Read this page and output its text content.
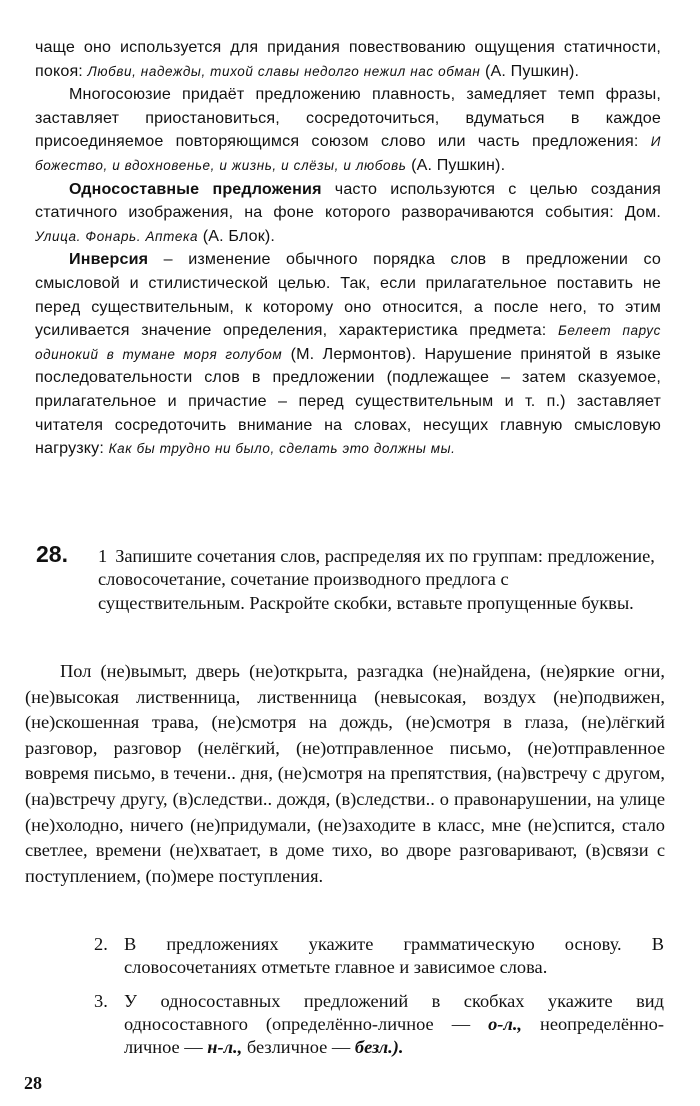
чаще оно используется для придания повествованию ощущения статичности, покоя: Любви, надежды, тихой славы недолго нежил нас обман (А. Пушкин).

Многосоюзие придаёт предложению плавность, замедляет темп фразы, заставляет приостановиться, сосредоточиться, вдуматься в каждое присоединяемое повторяющимся союзом слово или часть предложения: И божество, и вдохновенье, и жизнь, и слёзы, и любовь (А. Пушкин).

Односоставные предложения часто используются с целью создания статичного изображения, на фоне которого разворачиваются события: Дом. Улица. Фонарь. Аптека (А. Блок).

Инверсия – изменение обычного порядка слов в предложении со смысловой и стилистической целью. Так, если прилагательное поставить не перед существительным, к которому оно относится, а после него, то этим усиливается значение определения, характеристика предмета: Белеет парус одинокий в тумане моря голубом (М. Лермонтов). Нарушение принятой в языке последовательности слов в предложении (подлежащее – затем сказуемое, прилагательное и причастие – перед существительным и т. п.) заставляет читателя сосредоточить внимание на словах, несущих главную смысловую нагрузку: Как бы трудно ни было, сделать это должны мы.

28. 1 Запишите сочетания слов, распределяя их по группам: предложение, словосочетание, сочетание производного предлога с существительным. Раскройте скобки, вставьте пропущенные буквы.

Пол (не)вымыт, дверь (не)открыта, разгадка (не)найдена, (не)яркие огни, (не)высокая лиственница, лиственница (невысокая, воздух (не)подвижен, (не)скошенная трава, (не)смотря на дождь, (не)смотря в глаза, (не)лёгкий разговор, разговор (нелёгкий, (не)отправленное письмо, (не)отправленное вовремя письмо, в течени.. дня, (не)смотря на препятствия, (на)встречу с другом, (на)встречу другу, (в)следстви.. дождя, (в)следстви.. о правонарушении, на улице (не)холодно, ничего (не)придумали, (не)заходите в класс, мне (не)спится, стало светлее, времени (не)хватает, в доме тихо, во дворе разговаривают, (в)связи с поступлением, (по)мере поступления.

2. В предложениях укажите грамматическую основу. В словосочетаниях отметьте главное и зависимое слова.
3. У односоставных предложений в скобках укажите вид односоставного (определённо-личное — о-л., неопределённо-личное — н-л., безличное — безл.).
28
